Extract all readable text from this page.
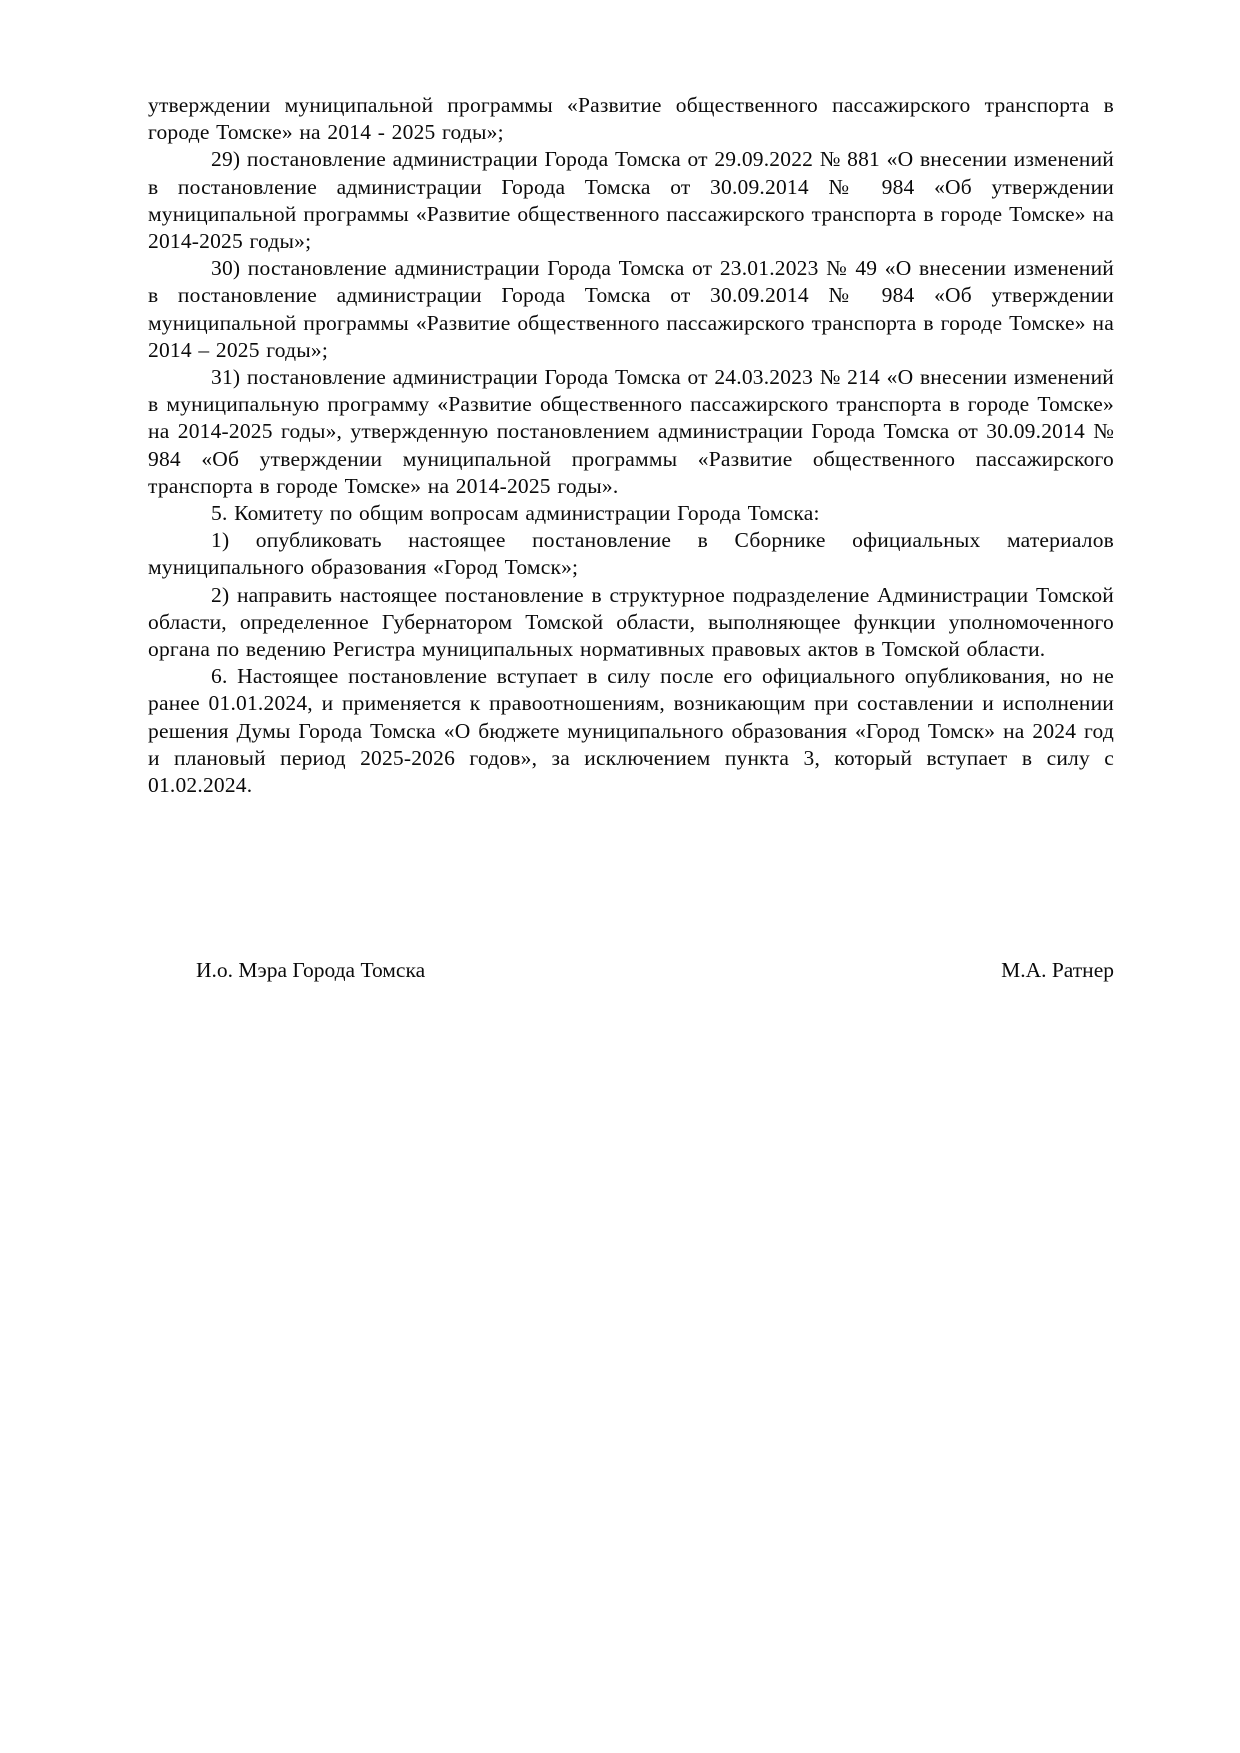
утверждении муниципальной программы «Развитие общественного пассажирского транспорта в городе Томске» на 2014 - 2025 годы»;

29) постановление администрации Города Томска от 29.09.2022 № 881 «О внесении изменений в постановление администрации Города Томска от 30.09.2014 № 984 «Об утверждении муниципальной программы «Развитие общественного пассажирского транспорта в городе Томске» на 2014-2025 годы»;

30) постановление администрации Города Томска от 23.01.2023 № 49 «О внесении изменений в постановление администрации Города Томска от 30.09.2014 № 984 «Об утверждении муниципальной программы «Развитие общественного пассажирского транспорта в городе Томске» на 2014 – 2025 годы»;

31) постановление администрации Города Томска от 24.03.2023 № 214 «О внесении изменений в муниципальную программу «Развитие общественного пассажирского транспорта в городе Томске» на 2014-2025 годы», утвержденную постановлением администрации Города Томска от 30.09.2014 № 984 «Об утверждении муниципальной программы «Развитие общественного пассажирского транспорта в городе Томске» на 2014-2025 годы».

5. Комитету по общим вопросам администрации Города Томска:

1) опубликовать настоящее постановление в Сборнике официальных материалов муниципального образования «Город Томск»;

2) направить настоящее постановление в структурное подразделение Администрации Томской области, определенное Губернатором Томской области, выполняющее функции уполномоченного органа по ведению Регистра муниципальных нормативных правовых актов в Томской области.

6. Настоящее постановление вступает в силу после его официального опубликования, но не ранее 01.01.2024, и применяется к правоотношениям, возникающим при составлении и исполнении решения Думы Города Томска «О бюджете муниципального образования «Город Томск» на 2024 год и плановый период 2025-2026 годов», за исключением пункта 3, который вступает в силу с 01.02.2024.

И.о. Мэра Города Томска	М.А. Ратнер
